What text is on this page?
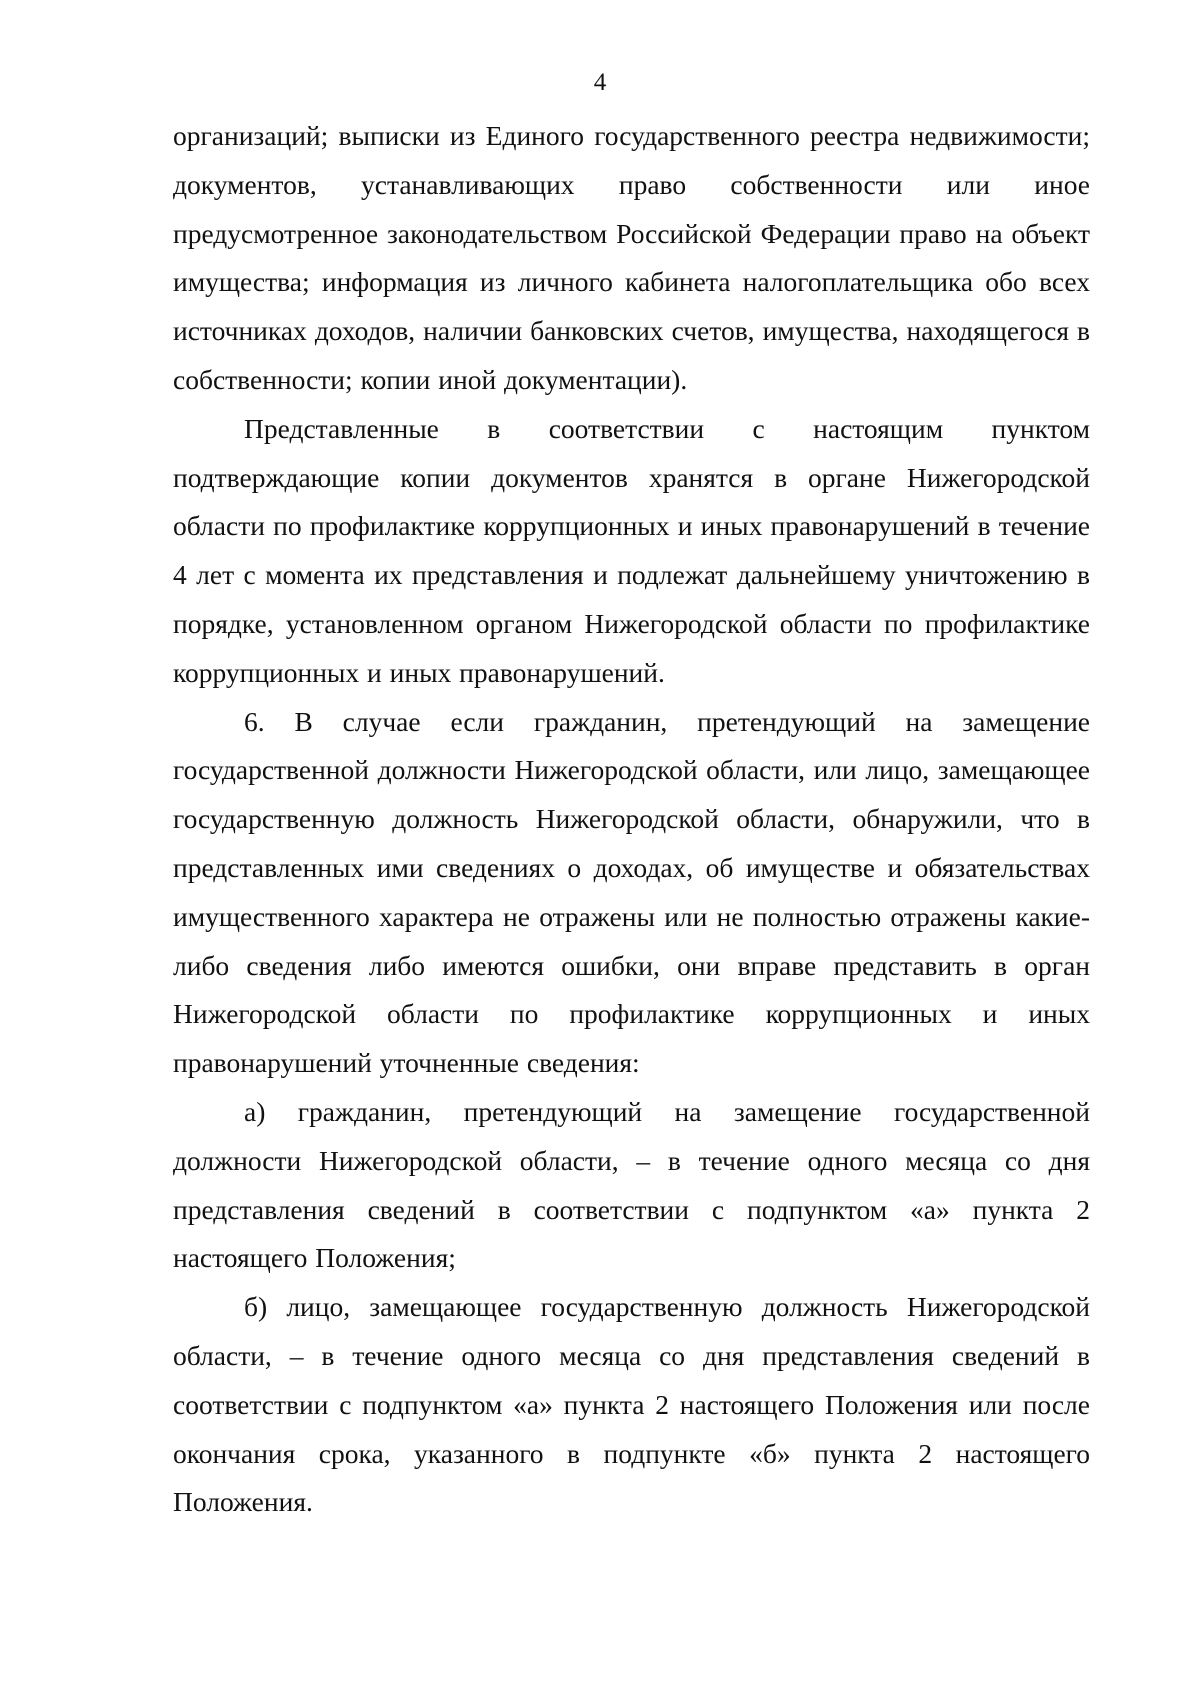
4

организаций; выписки из Единого государственного реестра недвижимости; документов, устанавливающих право собственности или иное предусмотренное законодательством Российской Федерации право на объект имущества; информация из личного кабинета налогоплательщика обо всех источниках доходов, наличии банковских счетов, имущества, находящегося в собственности; копии иной документации).

Представленные в соответствии с настоящим пунктом подтверждающие копии документов хранятся в органе Нижегородской области по профилактике коррупционных и иных правонарушений в течение 4 лет с момента их представления и подлежат дальнейшему уничтожению в порядке, установленном органом Нижегородской области по профилактике коррупционных и иных правонарушений.

6. В случае если гражданин, претендующий на замещение государственной должности Нижегородской области, или лицо, замещающее государственную должность Нижегородской области, обнаружили, что в представленных ими сведениях о доходах, об имуществе и обязательствах имущественного характера не отражены или не полностью отражены какие-либо сведения либо имеются ошибки, они вправе представить в орган Нижегородской области по профилактике коррупционных и иных правонарушений уточненные сведения:

а) гражданин, претендующий на замещение государственной должности Нижегородской области, – в течение одного месяца со дня представления сведений в соответствии с подпунктом «а» пункта 2 настоящего Положения;

б) лицо, замещающее государственную должность Нижегородской области, – в течение одного месяца со дня представления сведений в соответствии с подпунктом «а» пункта 2 настоящего Положения или после окончания срока, указанного в подпункте «б» пункта 2 настоящего Положения.
